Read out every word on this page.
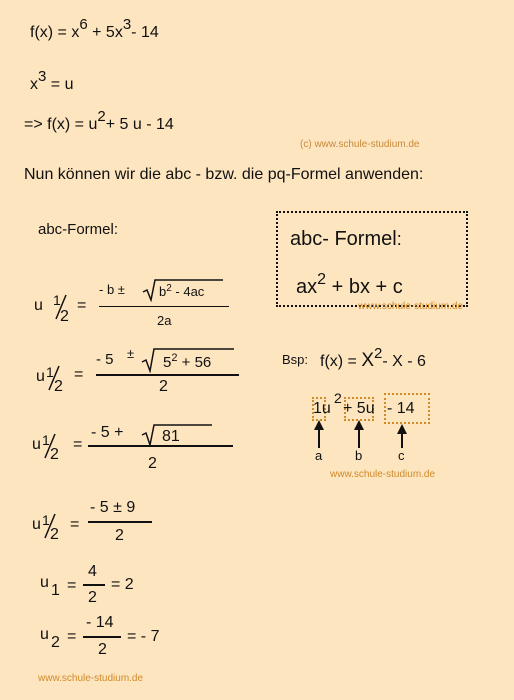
f(x) = x6 + 5x3- 14
x3 = u
=> f(x) = u2+ 5 u - 14
(c) www.schule-studium.de
Nun können wir die abc - bzw. die pq-Formel anwenden:
abc-Formel:	abc- Formel:
$ax^2$ + bx + c
www.schule-studium.de
u 1
2
=
- b ±	$b^2 - 4ac$
2a
Bsp: f(x) = X2- X - 6
1u
2
+ 5u - 14
a	b	c
www.schule-studium.de
u 1
2
=
- 5 ±
$5^2 + 56$
2
u 1
2
=
- 5 + 81
2
u 1
2
=
- 5 ± 9
2
u 1 =
4
2
= 2
u 2 =
- 14
2
= - 7
www.schule-studium.de
